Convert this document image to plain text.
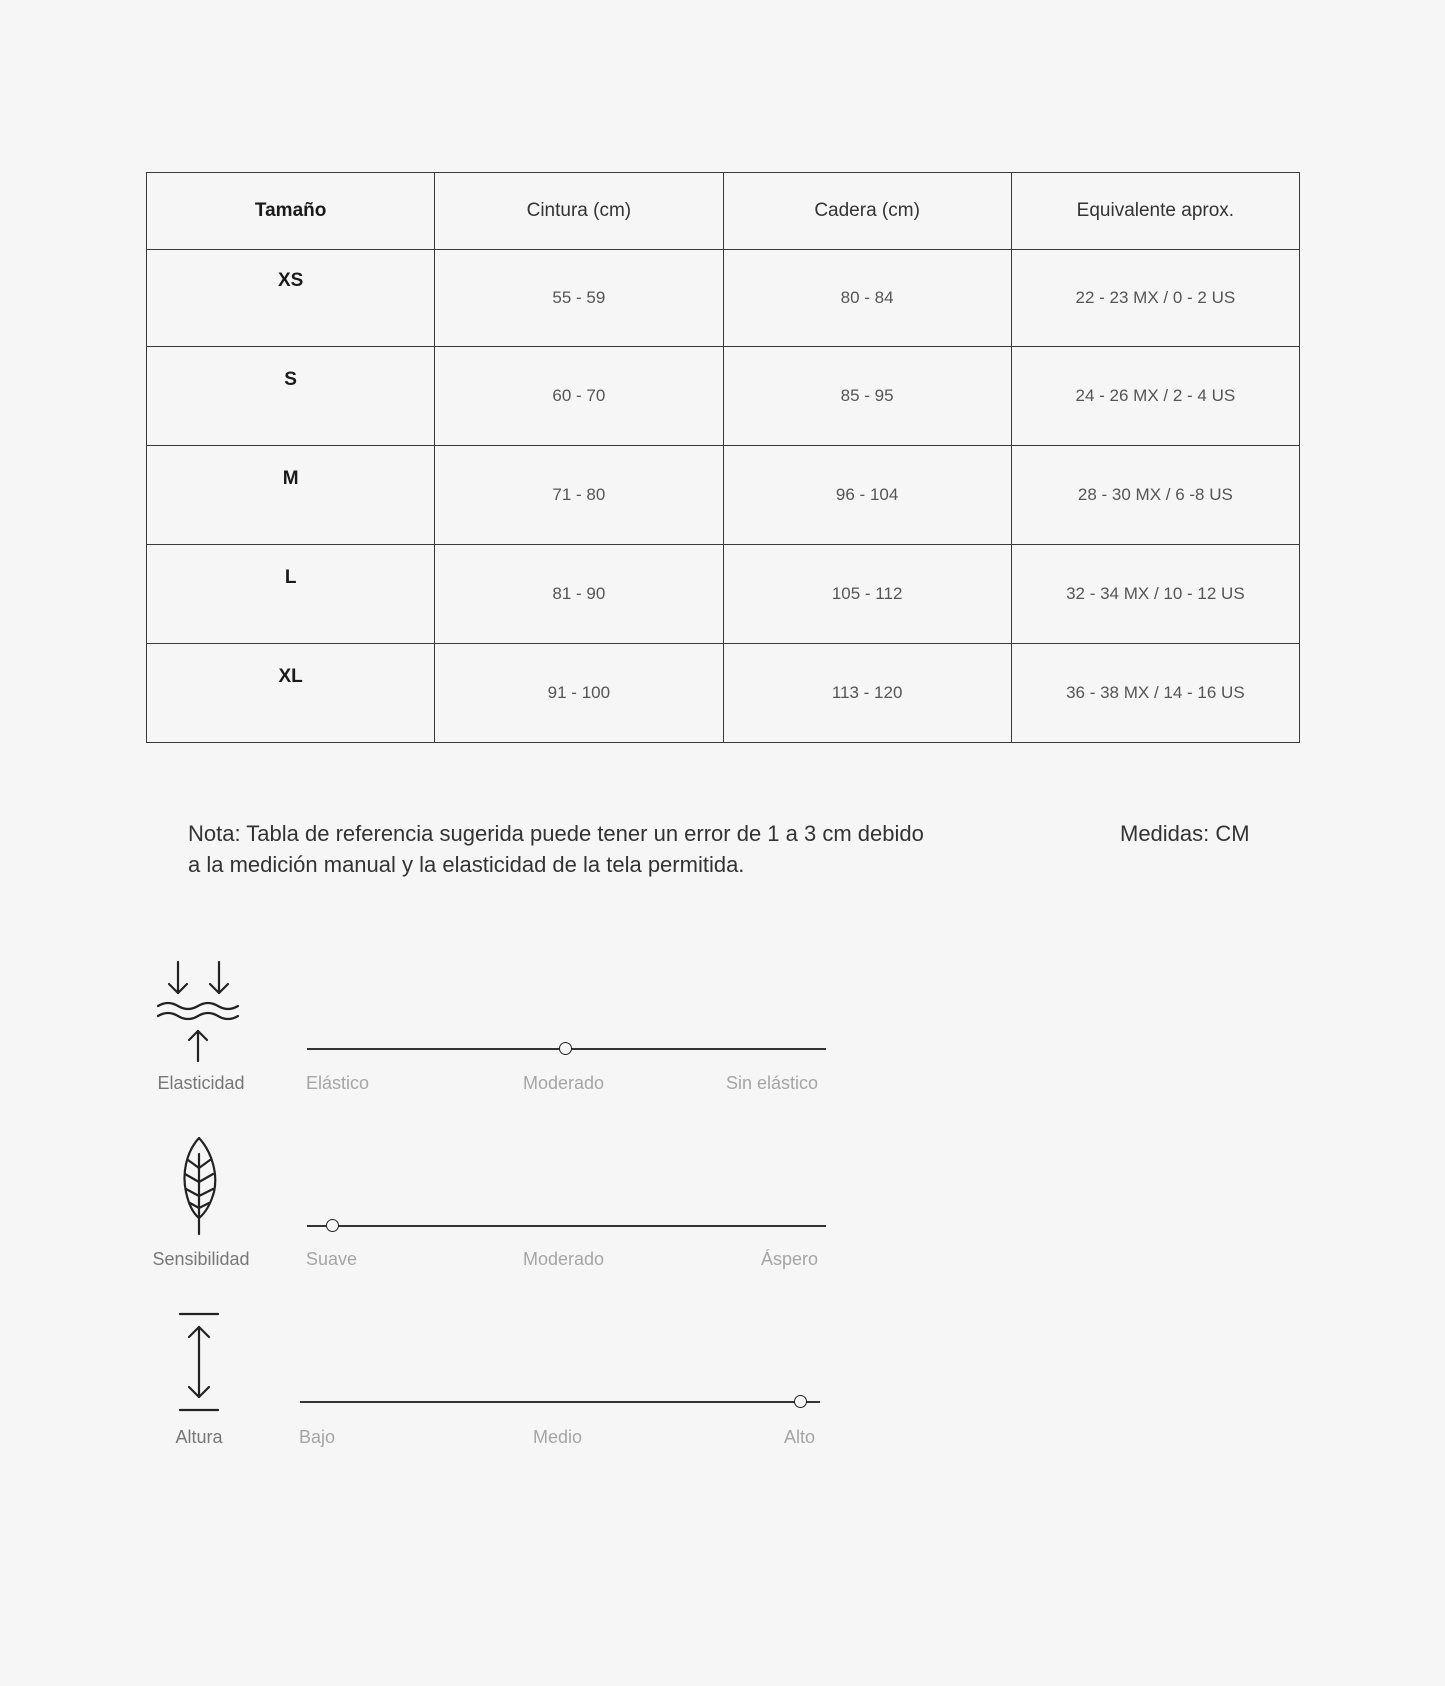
Tamaño	Cintura (cm)	Cadera (cm)	Equivalente aprox.
XS	55 - 59	80 - 84	22 - 23 MX / 0 - 2 US
S	60 - 70	85 - 95	24 - 26 MX / 2 - 4 US
M	71 - 80	96 - 104	28 - 30 MX / 6 -8 US
L	81 - 90	105 - 112	32 - 34 MX / 10 - 12 US
XL	91 - 100	113 - 120	36 - 38 MX / 14 - 16 US
Nota: Tabla de referencia sugerida puede tener un error de 1 a 3 cm debido
a la medición manual y la elasticidad de la tela permitida.
Medidas: CM
Elasticidad	Elástico	Moderado	Sin elástico
Sensibilidad	Suave	Moderado	Áspero
Altura	Bajo	Medio	Alto
